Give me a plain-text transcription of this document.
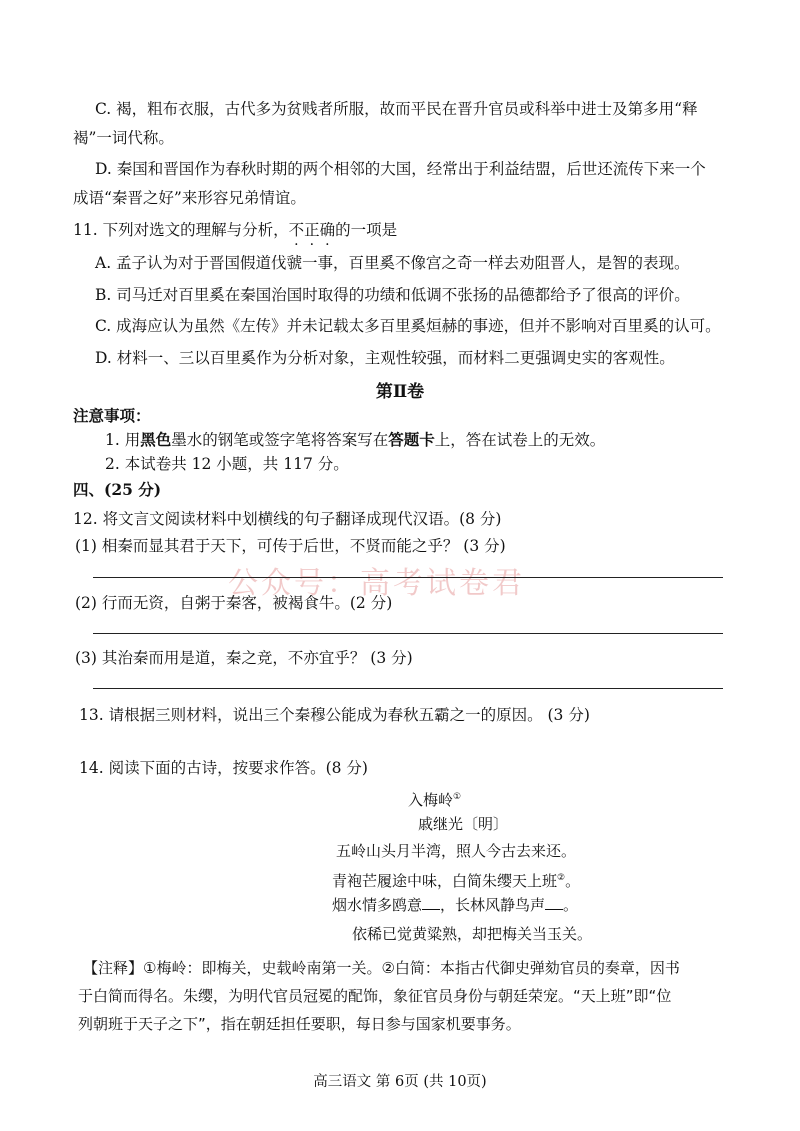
公众号：高考试卷君
C. 褐，粗布衣服，古代多为贫贱者所服，故而平民在晋升官员或科举中进士及第多用“释
褐”一词代称。
D. 秦国和晋国作为春秋时期的两个相邻的大国，经常出于利益结盟，后世还流传下来一个
成语“秦晋之好”来形容兄弟情谊。
11. 下列对选文的理解与分析，不正确的一项是
A. 孟子认为对于晋国假道伐虢一事，百里奚不像宫之奇一样去劝阻晋人，是智的表现。
B. 司马迁对百里奚在秦国治国时取得的功绩和低调不张扬的品德都给予了很高的评价。
C. 成海应认为虽然《左传》并未记载太多百里奚烜赫的事迹，但并不影响对百里奚的认可。
D. 材料一、三以百里奚作为分析对象，主观性较强，而材料二更强调史实的客观性。
第Ⅱ卷
注意事项：
1. 用黑色墨水的钢笔或签字笔将答案写在答题卡上，答在试卷上的无效。
2. 本试卷共 12 小题，共 117 分。
四、(25 分)
12. 将文言文阅读材料中划横线的句子翻译成现代汉语。(8 分)
(1) 相秦而显其君于天下，可传于后世，不贤而能之乎？ (3 分)
(2) 行而无资，自粥于秦客，被褐食牛。(2 分)
(3) 其治秦而用是道，秦之竞，不亦宜乎？ (3 分)
13. 请根据三则材料，说出三个秦穆公能成为春秋五霸之一的原因。 (3 分)
14. 阅读下面的古诗，按要求作答。(8 分)
入梅岭①
戚继光〔明〕
五岭山头月半湾，照人今古去来还。
青袍芒履途中味，白简朱缨天上班②。
烟水情多鸥意 ，长林风静鸟声 。
依稀已觉黄粱熟，却把梅关当玉关。
【注释】①梅岭：即梅关，史载岭南第一关。②白简：本指古代御史弹劾官员的奏章，因书
于白简而得名。朱缨，为明代官员冠冕的配饰，象征官员身份与朝廷荣宠。“天上班”即“位
列朝班于天子之下”，指在朝廷担任要职，每日参与国家机要事务。
高三语文 第 6页 (共 10页)
